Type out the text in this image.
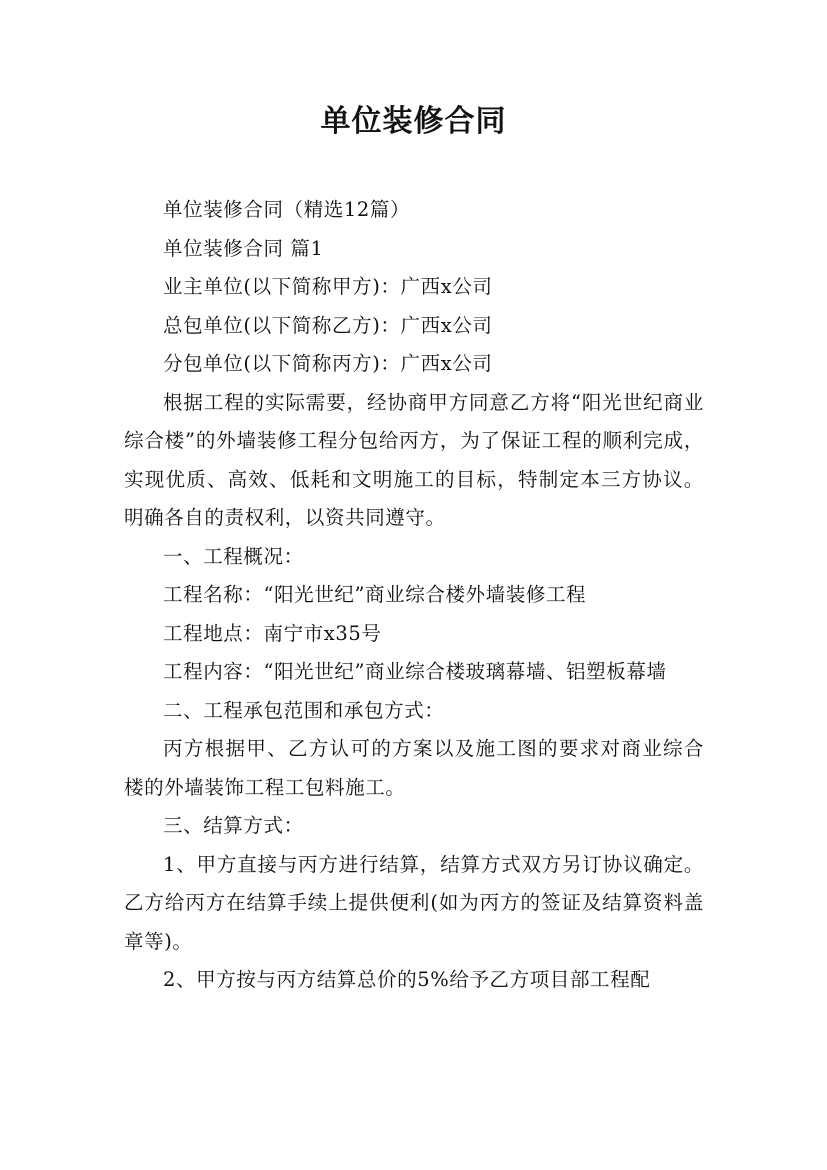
单位装修合同

单位装修合同（精选12篇）

单位装修合同 篇1

业主单位(以下简称甲方)：广西x公司

总包单位(以下简称乙方)：广西x公司

分包单位(以下简称丙方)：广西x公司

根据工程的实际需要，经协商甲方同意乙方将“阳光世纪商业综合楼”的外墙装修工程分包给丙方，为了保证工程的顺利完成，实现优质、高效、低耗和文明施工的目标，特制定本三方协议。明确各自的责权利，以资共同遵守。

一、工程概况：

工程名称：“阳光世纪”商业综合楼外墙装修工程

工程地点：南宁市x35号

工程内容：“阳光世纪”商业综合楼玻璃幕墙、铝塑板幕墙

二、工程承包范围和承包方式：

丙方根据甲、乙方认可的方案以及施工图的要求对商业综合楼的外墙装饰工程工包料施工。

三、结算方式：

1、甲方直接与丙方进行结算，结算方式双方另订协议确定。乙方给丙方在结算手续上提供便利(如为丙方的签证及结算资料盖章等)。

2、甲方按与丙方结算总价的5%给予乙方项目部工程配
